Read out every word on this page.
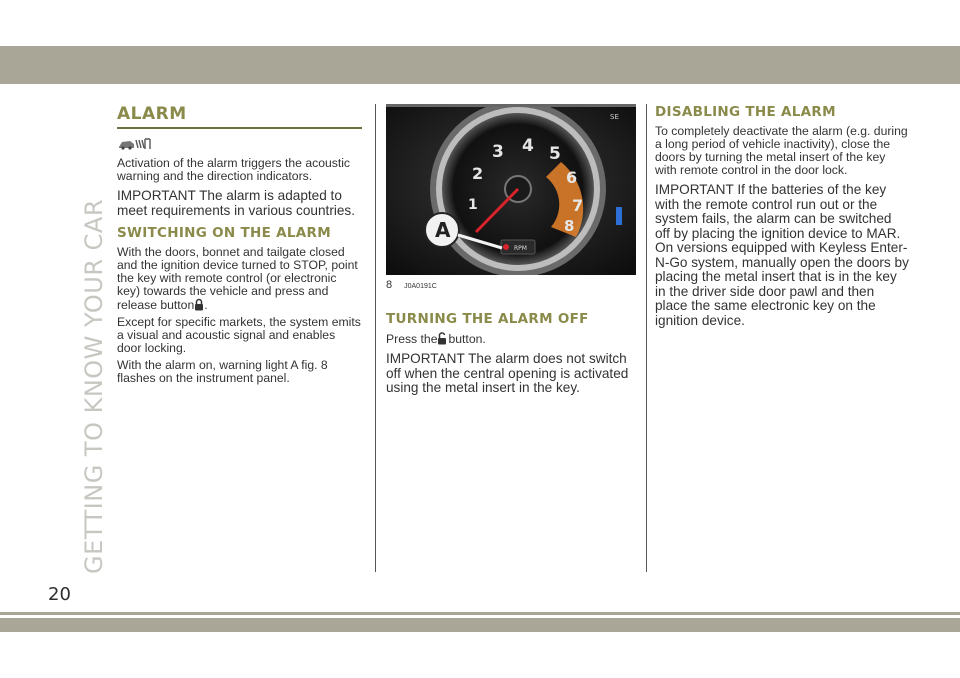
GETTING TO KNOW YOUR CAR
ALARM

Activation of the alarm triggers the acoustic warning and the direction indicators.

IMPORTANT The alarm is adapted to meet requirements in various countries.

SWITCHING ON THE ALARM

With the doors, bonnet and tailgate closed and the ignition device turned to STOP, point the key with remote control (or electronic key) towards the vehicle and press and release button .

Except for specific markets, the system emits a visual and acoustic signal and enables door locking.

With the alarm on, warning light A fig. 8 flashes on the instrument panel.

1
2
3 4 5
6
7
8
RPM
A
SE
8 J0A0191C
TURNING THE ALARM OFF

Press the button.

IMPORTANT The alarm does not switch off when the central opening is activated using the metal insert in the key.

DISABLING THE ALARM

To completely deactivate the alarm (e.g. during a long period of vehicle inactivity), close the doors by turning the metal insert of the key with remote control in the door lock.

IMPORTANT If the batteries of the key with the remote control run out or the system fails, the alarm can be switched off by placing the ignition device to MAR. On versions equipped with Keyless Enter-N-Go system, manually open the doors by placing the metal insert that is in the key in the driver side door pawl and then place the same electronic key on the ignition device.

20
